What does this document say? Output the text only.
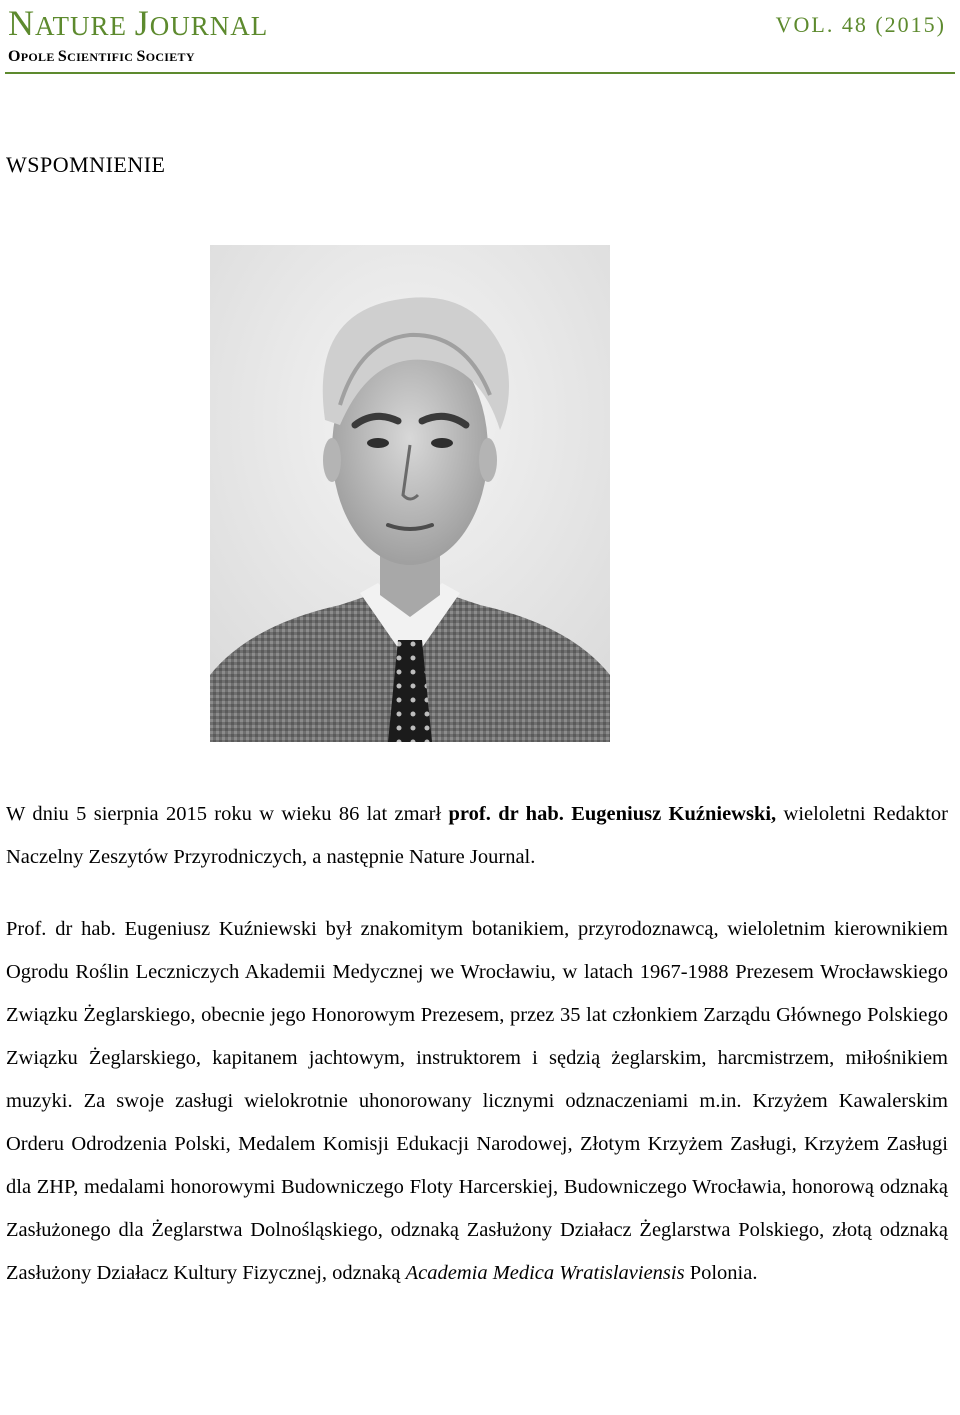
NATURE JOURNAL	VOL. 48 (2015)
OPOLE SCIENTIFIC SOCIETY
WSPOMNIENIE

W dniu 5 sierpnia 2015 roku w wieku 86 lat zmarł prof. dr hab. Eugeniusz Kuźniewski, wieloletni Redaktor Naczelny Zeszytów Przyrodniczych, a następnie Nature Journal.

Prof. dr hab. Eugeniusz Kuźniewski był znakomitym botanikiem, przyrodoznawcą, wieloletnim kierownikiem Ogrodu Roślin Leczniczych Akademii Medycznej we Wrocławiu, w latach 1967-1988 Prezesem Wrocławskiego Związku Żeglarskiego, obecnie jego Honorowym Prezesem, przez 35 lat członkiem Zarządu Głównego Polskiego Związku Żeglarskiego, kapitanem jachtowym, instruktorem i sędzią żeglarskim, harcmistrzem, miłośnikiem muzyki. Za swoje zasługi wielokrotnie uhonorowany licznymi odznaczeniami m.in. Krzyżem Kawalerskim Orderu Odrodzenia Polski, Medalem Komisji Edukacji Narodowej, Złotym Krzyżem Zasługi, Krzyżem Zasługi dla ZHP, medalami honorowymi Budowniczego Floty Harcerskiej, Budowniczego Wrocławia, honorową odznaką Zasłużonego dla Żeglarstwa Dolnośląskiego, odznaką Zasłużony Działacz Żeglarstwa Polskiego, złotą odznaką Zasłużony Działacz Kultury Fizycznej, odznaką Academia Medica Wratislaviensis Polonia.
